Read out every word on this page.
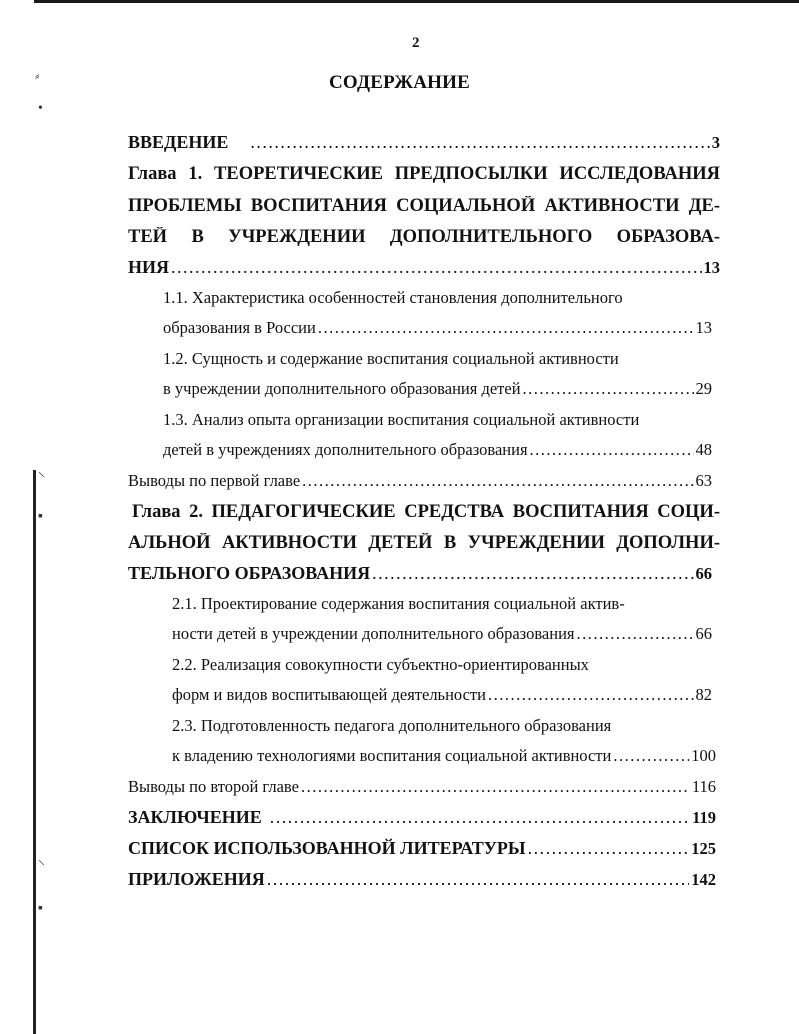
⸗
•
⸜
▪
⸌
▪
2
СОДЕРЖАНИЕ
ВВЕДЕНИЕ .....	3
Глава 1. ТЕОРЕТИЧЕСКИЕ ПРЕДПОСЫЛКИ ИССЛЕДОВАНИЯ
ПРОБЛЕМЫ ВОСПИТАНИЯ СОЦИАЛЬНОЙ АКТИВНОСТИ ДЕ-
ТЕЙ В УЧРЕЖДЕНИИ ДОПОЛНИТЕЛЬНОГО ОБРАЗОВА-
НИЯ .....	13
1.1. Характеристика особенностей становления дополнительного
образования в России .....	13
1.2. Сущность и содержание воспитания социальной активности
в учреждении дополнительного образования детей .....	29
1.3. Анализ опыта организации воспитания социальной активности
детей в учреждениях дополнительного образования .....	48
Выводы по первой главе .....	63
Глава 2. ПЕДАГОГИЧЕСКИЕ СРЕДСТВА ВОСПИТАНИЯ СОЦИ-
АЛЬНОЙ АКТИВНОСТИ ДЕТЕЙ В УЧРЕЖДЕНИИ ДОПОЛНИ-
ТЕЛЬНОГО ОБРАЗОВАНИЯ .....	66
2.1. Проектирование содержания воспитания социальной актив-
ности детей в учреждении дополнительного образования .....	66
2.2. Реализация совокупности субъектно-ориентированных
форм и видов воспитывающей деятельности .....	82
2.3. Подготовленность педагога дополнительного образования
к владению технологиями воспитания социальной активности .....	100
Выводы по второй главе .....	116
ЗАКЛЮЧЕНИЕ .....	119
СПИСОК ИСПОЛЬЗОВАННОЙ ЛИТЕРАТУРЫ .....	125
ПРИЛОЖЕНИЯ .....	142
